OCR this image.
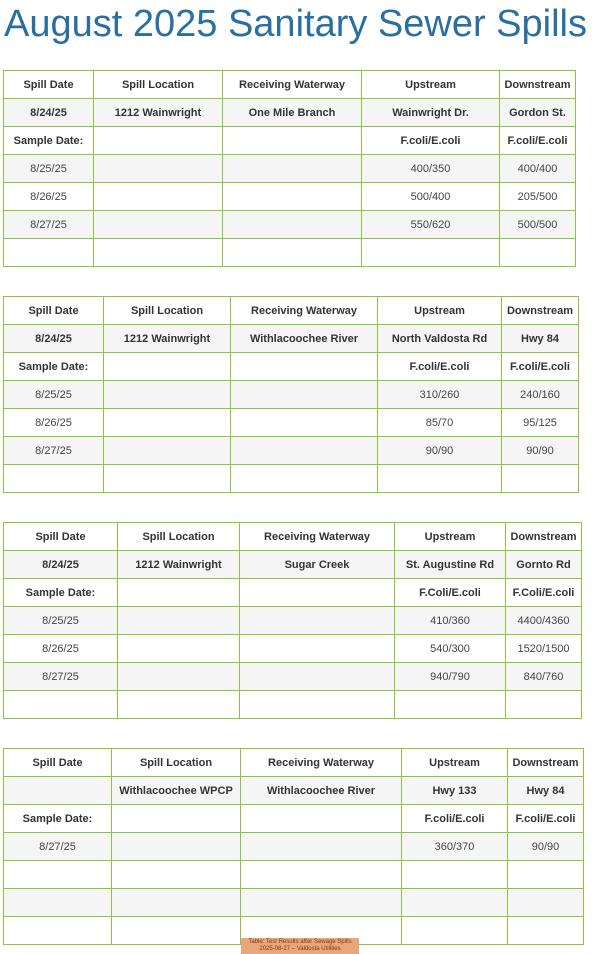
August 2025 Sanitary Sewer Spills
Spill Date	Spill Location	Receiving Waterway	Upstream	Downstream
8/24/25	1212 Wainwright	One Mile Branch	Wainwright Dr.	Gordon St.
Sample Date:			F.coli/E.coli	F.coli/E.coli
8/25/25			400/350	400/400
8/26/25			500/400	205/500
8/27/25			550/620	500/500

Spill Date	Spill Location	Receiving Waterway	Upstream	Downstream
8/24/25	1212 Wainwright	Withlacoochee River	North Valdosta Rd	Hwy 84
Sample Date:			F.coli/E.coli	F.coli/E.coli
8/25/25			310/260	240/160
8/26/25			85/70	95/125
8/27/25			90/90	90/90

Spill Date	Spill Location	Receiving Waterway	Upstream	Downstream
8/24/25	1212 Wainwright	Sugar Creek	St. Augustine Rd	Gornto Rd
Sample Date:			F.Coli/E.coli	F.Coli/E.coli
8/25/25			410/360	4400/4360
8/26/25			540/300	1520/1500
8/27/25			940/790	840/760

Spill Date	Spill Location	Receiving Waterway	Upstream	Downstream
	Withlacoochee WPCP	Withlacoochee River	Hwy 133	Hwy 84
Sample Date:			F.coli/E.coli	F.coli/E.coli
8/27/25			360/370	90/90

Table: Test Results after Sewage Spills
2025-08-27 – Valdosta Utilities
